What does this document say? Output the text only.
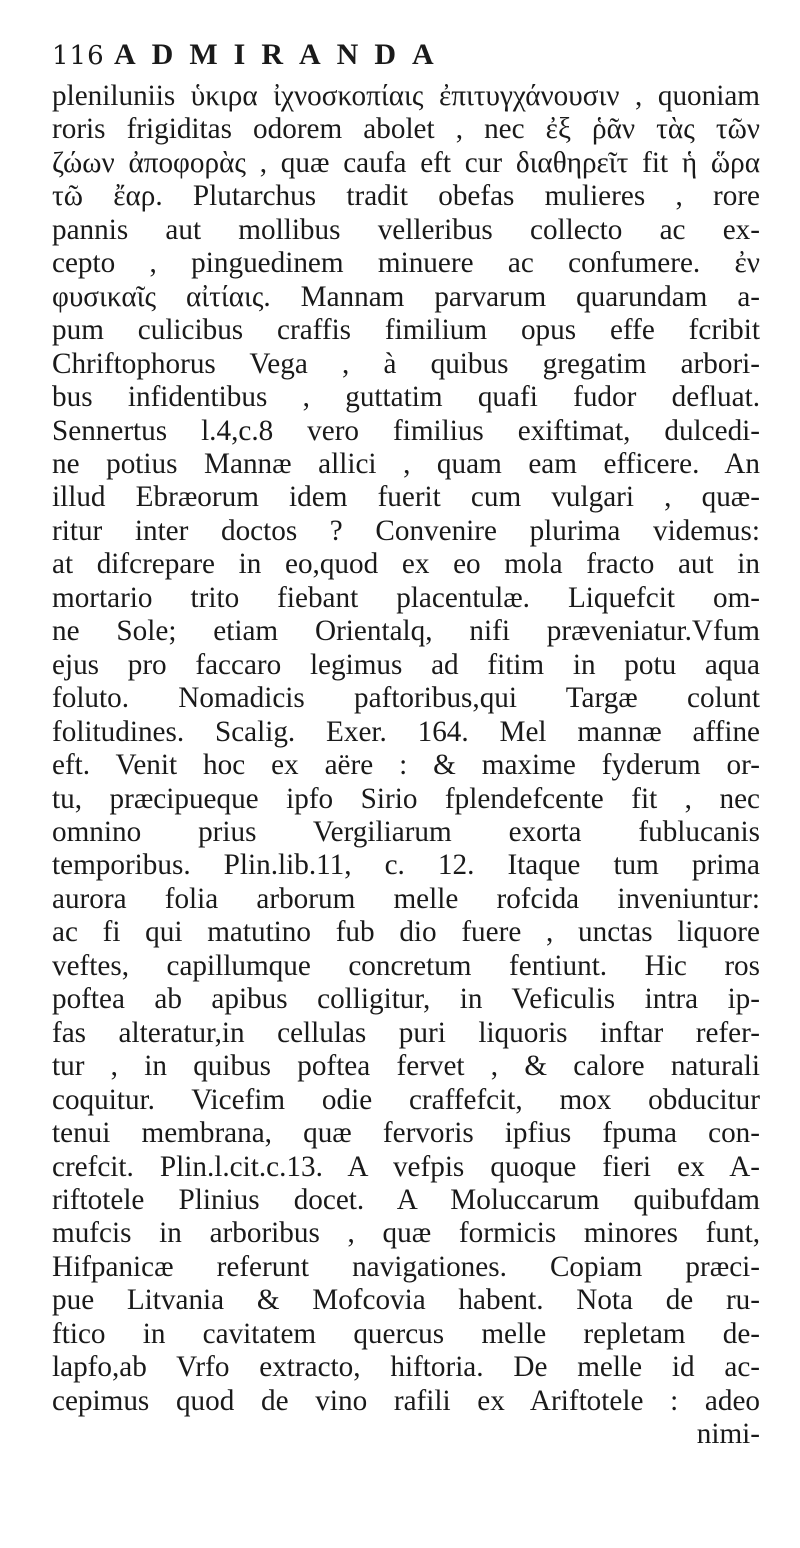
116 ADMIRANDA
pleniluniis ὑκιρα ἰχνοσκοπίαις ἐπιτυγχάνουσιν , quoniam
roris frigiditas odorem abolet , nec ἐξ ῥᾶν τὰς τῶν
ζώων ἀποφορὰς , quæ caufa eft cur διαθηρεῖτ fit ἡ ὥρα
τῶ ἔαρ. Plutarchus tradit obefas mulieres , rore
pannis aut mollibus velleribus collecto ac ex-
cepto , pinguedinem minuere ac confumere. ἐν
φυσικαῖς αἰτίαις. Mannam parvarum quarundam a-
pum culicibus craffis fimilium opus effe fcribit
Chriftophorus Vega , à quibus gregatim arbori-
bus infidentibus , guttatim quafi fudor defluat.
Sennertus l.4,c.8 vero fimilius exiftimat, dulcedi-
ne potius Mannæ allici , quam eam efficere. An
illud Ebræorum idem fuerit cum vulgari , quæ-
ritur inter doctos ? Convenire plurima videmus:
at difcrepare in eo,quod ex eo mola fracto aut in
mortario trito fiebant placentulæ. Liquefcit om-
ne Sole; etiam Orientalq, nifi præveniatur.Vfum
ejus pro faccaro legimus ad fitim in potu aqua
foluto. Nomadicis paftoribus,qui Targæ colunt
folitudines. Scalig. Exer. 164. Mel mannæ affine
eft. Venit hoc ex aëre : & maxime fyderum or-
tu, præcipueque ipfo Sirio fplendefcente fit , nec
omnino prius Vergiliarum exorta fublucanis
temporibus. Plin.lib.11, c. 12. Itaque tum prima
aurora folia arborum melle rofcida inveniuntur:
ac fi qui matutino fub dio fuere , unctas liquore
veftes, capillumque concretum fentiunt. Hic ros
poftea ab apibus colligitur, in Veficulis intra ip-
fas alteratur,in cellulas puri liquoris inftar refer-
tur , in quibus poftea fervet , & calore naturali
coquitur. Vicefim odie craffefcit, mox obducitur
tenui membrana, quæ fervoris ipfius fpuma con-
crefcit. Plin.l.cit.c.13. A vefpis quoque fieri ex A-
riftotele Plinius docet. A Moluccarum quibufdam
mufcis in arboribus , quæ formicis minores funt,
Hifpanicæ referunt navigationes. Copiam præci-
pue Litvania & Mofcovia habent. Nota de ru-
ftico in cavitatem quercus melle repletam de-
lapfo,ab Vrfo extracto, hiftoria. De melle id ac-
cepimus quod de vino rafili ex Ariftotele : adeo
nimi-
